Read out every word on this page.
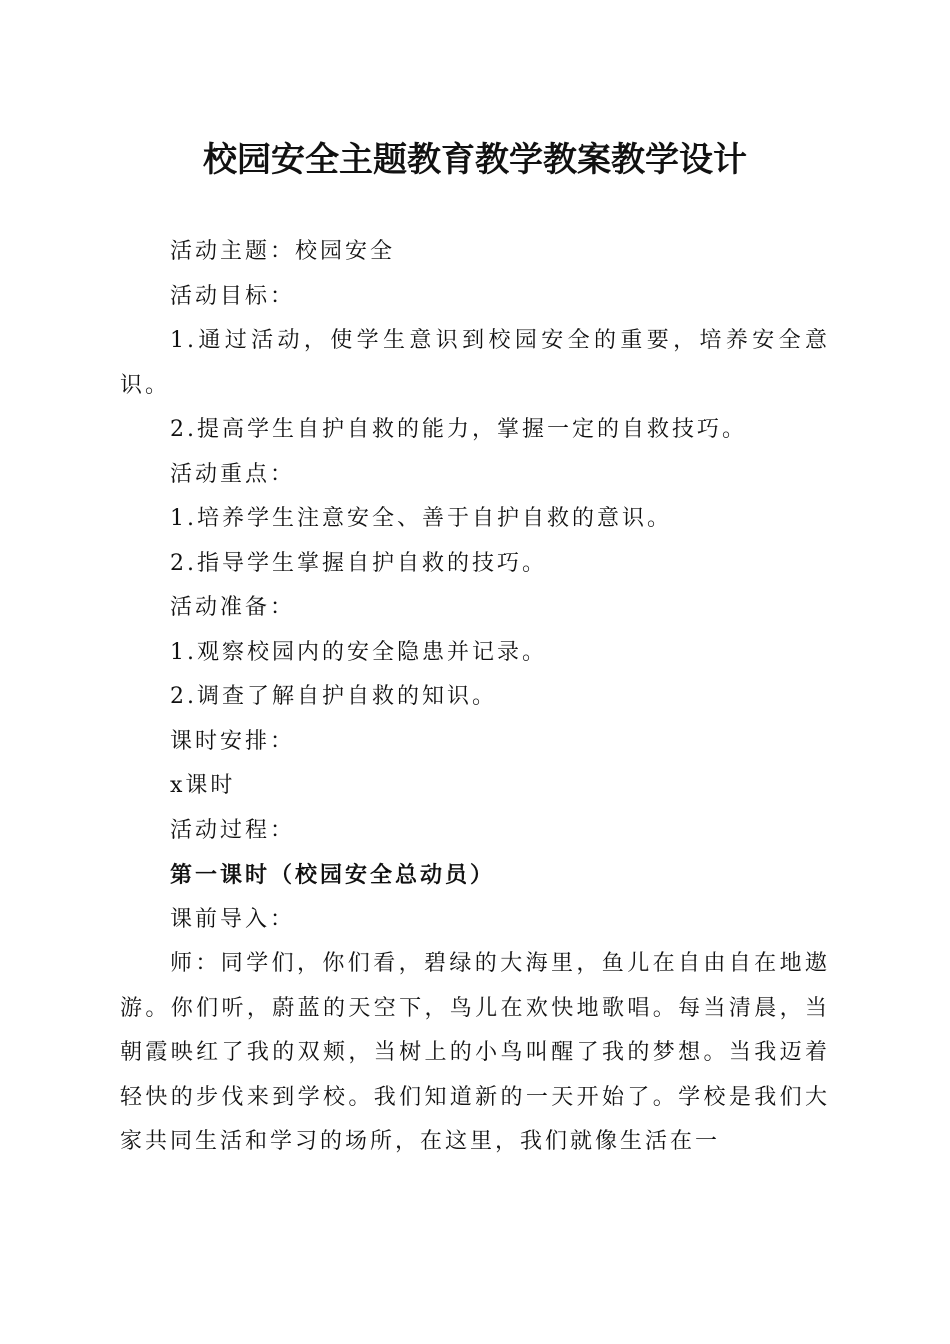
校园安全主题教育教学教案教学设计

活动主题：校园安全

活动目标：

1.通过活动，使学生意识到校园安全的重要，培养安全意识。

2.提高学生自护自救的能力，掌握一定的自救技巧。

活动重点：

1.培养学生注意安全、善于自护自救的意识。

2.指导学生掌握自护自救的技巧。

活动准备：

1.观察校园内的安全隐患并记录。

2.调查了解自护自救的知识。

课时安排：

x课时

活动过程：

第一课时（校园安全总动员）

课前导入：

师：同学们，你们看，碧绿的大海里，鱼儿在自由自在地遨游。你们听，蔚蓝的天空下，鸟儿在欢快地歌唱。每当清晨，当朝霞映红了我的双颊，当树上的小鸟叫醒了我的梦想。当我迈着轻快的步伐来到学校。我们知道新的一天开始了。学校是我们大家共同生活和学习的场所，在这里，我们就像生活在一
